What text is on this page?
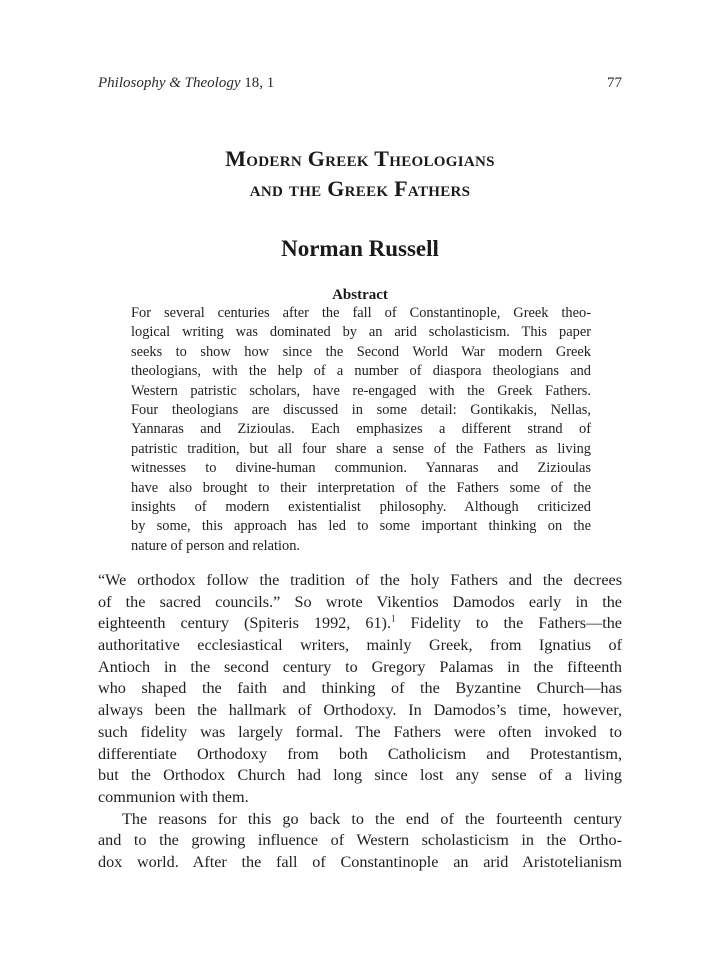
Philosophy & Theology 18, 1	77
Modern Greek Theologians
and the Greek Fathers
Norman Russell
Abstract
For several centuries after the fall of Constantinople, Greek theo-
logical writing was dominated by an arid scholasticism. This paper
seeks to show how since the Second World War modern Greek
theologians, with the help of a number of diaspora theologians and
Western patristic scholars, have re-engaged with the Greek Fathers.
Four theologians are discussed in some detail: Gontikakis, Nellas,
Yannaras and Zizioulas. Each emphasizes a different strand of
patristic tradition, but all four share a sense of the Fathers as living
witnesses to divine-human communion. Yannaras and Zizioulas
have also brought to their interpretation of the Fathers some of the
insights of modern existentialist philosophy. Although criticized
by some, this approach has led to some important thinking on the
nature of person and relation.
“We orthodox follow the tradition of the holy Fathers and the decrees
of the sacred councils.” So wrote Vikentios Damodos early in the
eighteenth century (Spiteris 1992, 61).$^1$ Fidelity to the Fathers—the
authoritative ecclesiastical writers, mainly Greek, from Ignatius of
Antioch in the second century to Gregory Palamas in the fifteenth
who shaped the faith and thinking of the Byzantine Church—has
always been the hallmark of Orthodoxy. In Damodos’s time, however,
such fidelity was largely formal. The Fathers were often invoked to
differentiate Orthodoxy from both Catholicism and Protestantism,
but the Orthodox Church had long since lost any sense of a living
communion with them.
The reasons for this go back to the end of the fourteenth century
and to the growing influence of Western scholasticism in the Ortho-
dox world. After the fall of Constantinople an arid Aristotelianism
